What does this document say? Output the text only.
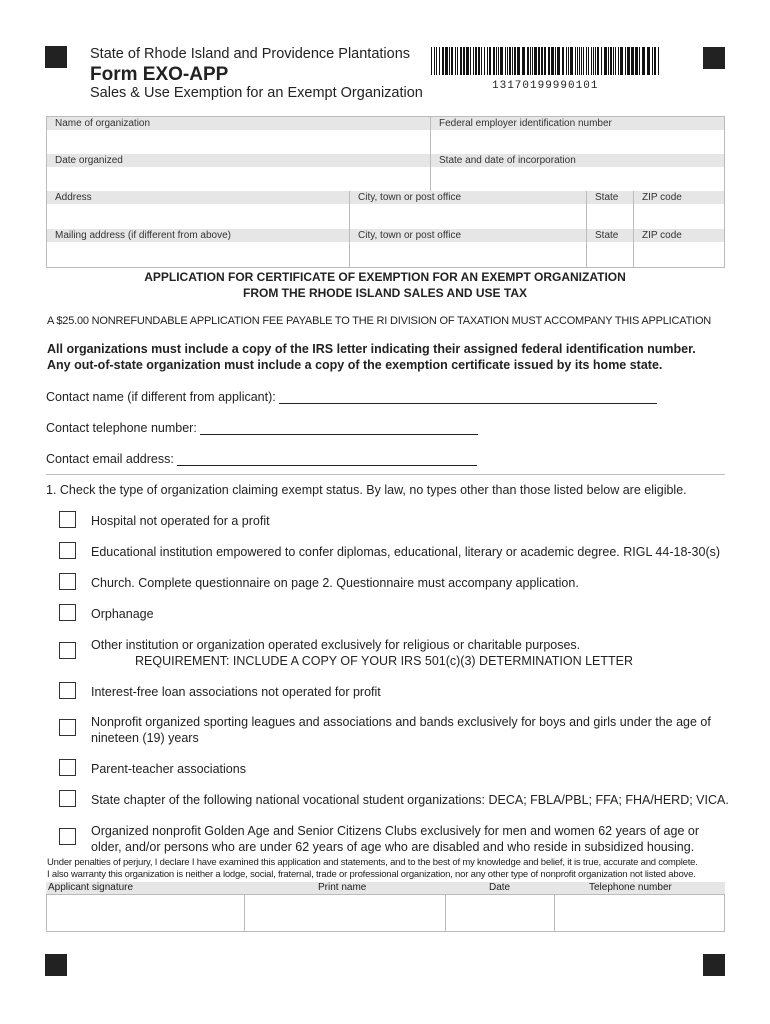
State of Rhode Island and Providence Plantations
Form EXO-APP
Sales & Use Exemption for an Exempt Organization	13170199990101
Name of organization	Federal employer identification number
Date organized	State and date of incorporation
Address	City, town or post office	State	ZIP code
Mailing address (if different from above)	City, town or post office	State	ZIP code
APPLICATION FOR CERTIFICATE OF EXEMPTION FOR AN EXEMPT ORGANIZATION
FROM THE RHODE ISLAND SALES AND USE TAX
A $25.00 NONREFUNDABLE APPLICATION FEE PAYABLE TO THE RI DIVISION OF TAXATION MUST ACCOMPANY THIS APPLICATION
All organizations must include a copy of the IRS letter indicating their assigned federal identification number.
Any out-of-state organization must include a copy of the exemption certificate issued by its home state.
Contact name (if different from applicant):
Contact telephone number:
Contact email address:
1. Check the type of organization claiming exempt status. By law, no types other than those listed below are eligible.
Hospital not operated for a profit
Educational institution empowered to confer diplomas, educational, literary or academic degree. RIGL 44-18-30(s)
Church. Complete questionnaire on page 2. Questionnaire must accompany application.
Orphanage
Other institution or organization operated exclusively for religious or charitable purposes.
REQUIREMENT: INCLUDE A COPY OF YOUR IRS 501(c)(3) DETERMINATION LETTER
Interest-free loan associations not operated for profit
Nonprofit organized sporting leagues and associations and bands exclusively for boys and girls under the age of
nineteen (19) years
Parent-teacher associations
State chapter of the following national vocational student organizations: DECA; FBLA/PBL; FFA; FHA/HERD; VICA.
Organized nonprofit Golden Age and Senior Citizens Clubs exclusively for men and women 62 years of age or
older, and/or persons who are under 62 years of age who are disabled and who reside in subsidized housing.
Under penalties of perjury, I declare I have examined this application and statements, and to the best of my knowledge and belief, it is true, accurate and complete.
I also warranty this organization is neither a lodge, social, fraternal, trade or professional organization, nor any other type of nonprofit organization not listed above.
Applicant signature	Print name	Date	Telephone number
